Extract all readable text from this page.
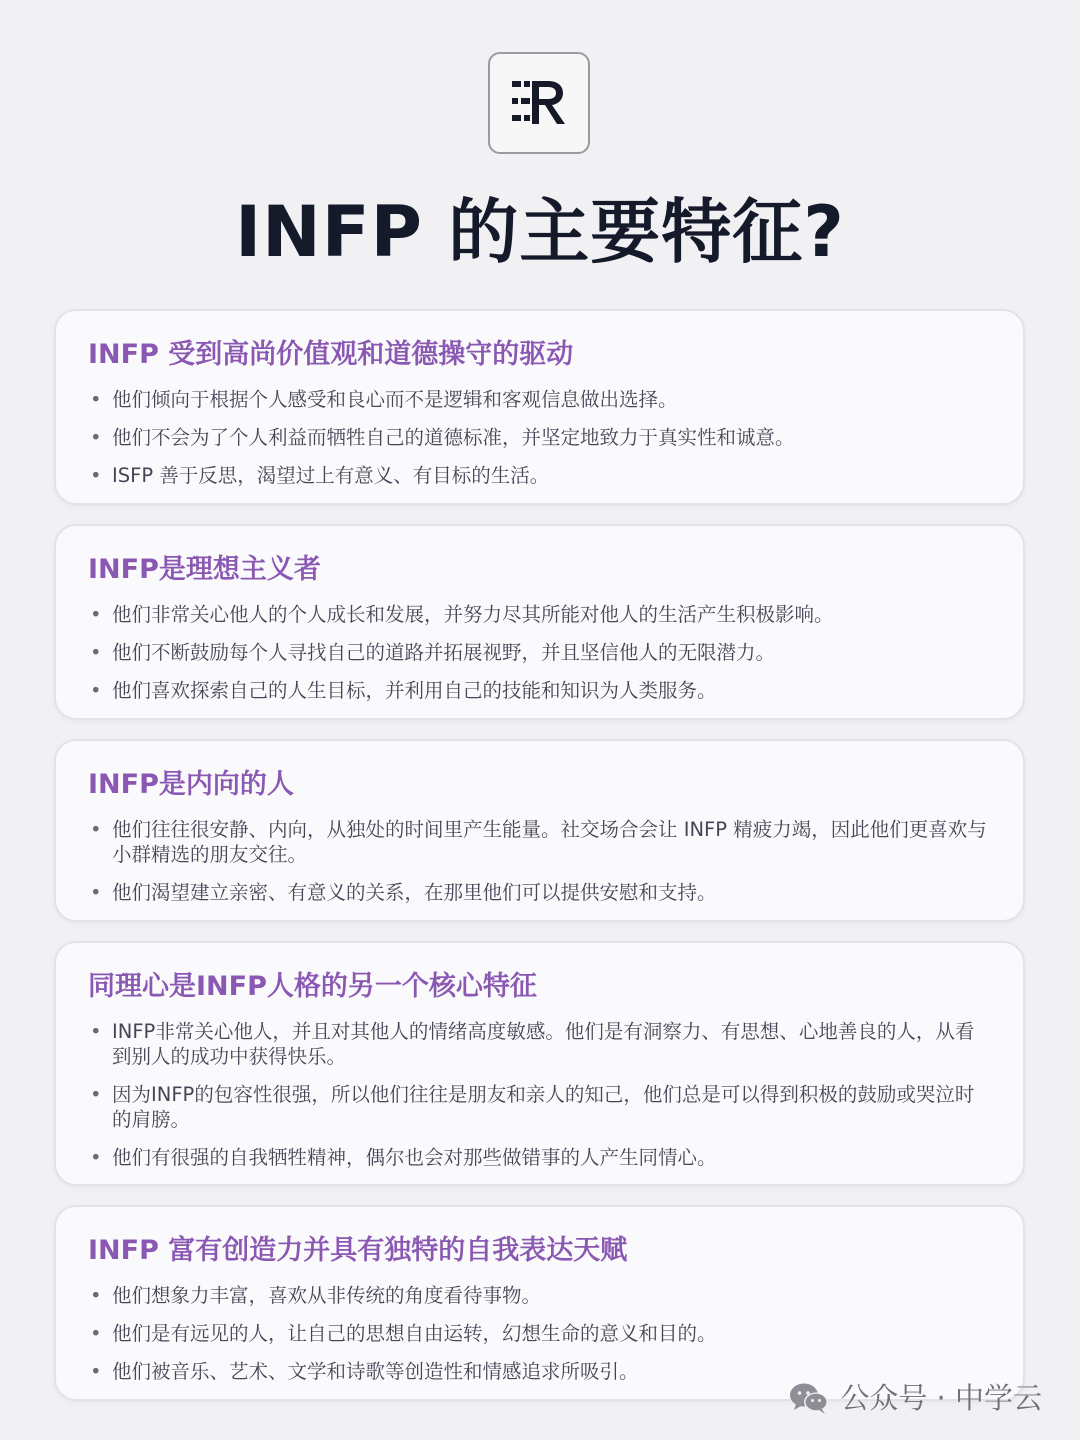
INFP 的主要特征?
INFP 受到高尚价值观和道德操守的驱动
• 他们倾向于根据个人感受和良心而不是逻辑和客观信息做出选择。
• 他们不会为了个人利益而牺牲自己的道德标准，并坚定地致力于真实性和诚意。
• ISFP 善于反思，渴望过上有意义、有目标的生活。
INFP是理想主义者
• 他们非常关心他人的个人成长和发展，并努力尽其所能对他人的生活产生积极影响。
• 他们不断鼓励每个人寻找自己的道路并拓展视野，并且坚信他人的无限潜力。
• 他们喜欢探索自己的人生目标，并利用自己的技能和知识为人类服务。
INFP是内向的人
• 他们往往很安静、内向，从独处的时间里产生能量。社交场合会让 INFP 精疲力竭，因此他们更喜欢与小群精选的朋友交往。
• 他们渴望建立亲密、有意义的关系，在那里他们可以提供安慰和支持。
同理心是INFP人格的另一个核心特征
• INFP非常关心他人，并且对其他人的情绪高度敏感。他们是有洞察力、有思想、心地善良的人，从看到别人的成功中获得快乐。
• 因为INFP的包容性很强，所以他们往往是朋友和亲人的知己，他们总是可以得到积极的鼓励或哭泣时的肩膀。
• 他们有很强的自我牺牲精神，偶尔也会对那些做错事的人产生同情心。
INFP 富有创造力并具有独特的自我表达天赋
• 他们想象力丰富，喜欢从非传统的角度看待事物。
• 他们是有远见的人，让自己的思想自由运转，幻想生命的意义和目的。
• 他们被音乐、艺术、文学和诗歌等创造性和情感追求所吸引。
公众号 · 中学云
